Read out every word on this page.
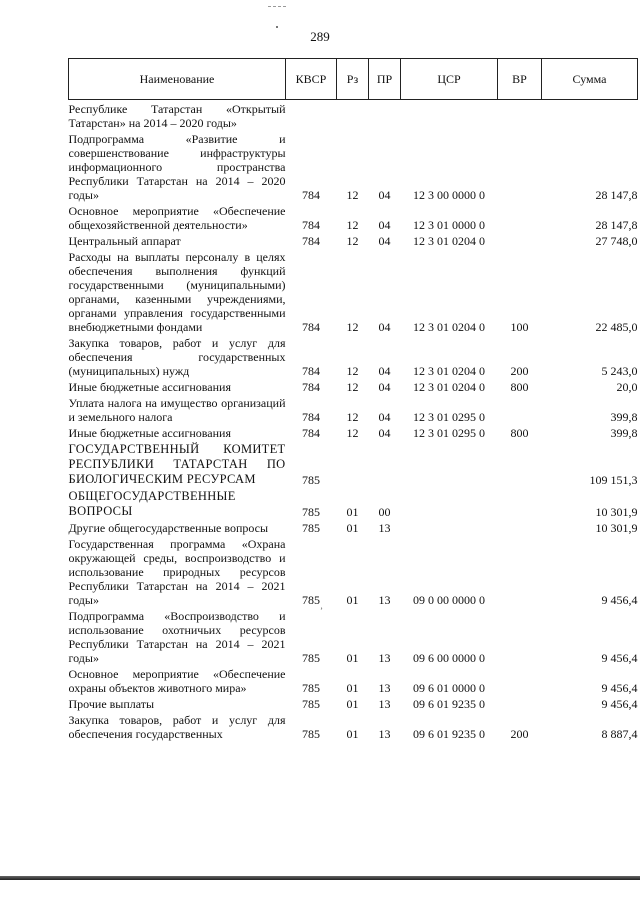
289
’
Наименование	КВСР	Рз	ПР	ЦСР	ВР	Сумма
Республике Татарстан «Открытый Татарстан» на 2014 – 2020 годы»						
Подпрограмма «Развитие и совершенствование инфраструктуры информационного пространства Республики Татарстан на 2014 – 2020 годы»	784	12	04	12 3 00 0000 0		28 147,8
Основное мероприятие «Обеспечение общехозяйственной деятельности»	784	12	04	12 3 01 0000 0		28 147,8
Центральный аппарат	784	12	04	12 3 01 0204 0		27 748,0
Расходы на выплаты персоналу в целях обеспечения выполнения функций государственными (муниципальными) органами, казенными учреждениями, органами управления государственными внебюджетными фондами	784	12	04	12 3 01 0204 0	100	22 485,0
Закупка товаров, работ и услуг для обеспечения государственных (муниципальных) нужд	784	12	04	12 3 01 0204 0	200	5 243,0
Иные бюджетные ассигнования	784	12	04	12 3 01 0204 0	800	20,0
Уплата налога на имущество организаций и земельного налога	784	12	04	12 3 01 0295 0		399,8
Иные бюджетные ассигнования	784	12	04	12 3 01 0295 0	800	399,8
ГОСУДАРСТВЕННЫЙ КОМИТЕТ РЕСПУБЛИКИ ТАТАРСТАН ПО БИОЛОГИЧЕСКИМ РЕСУРСАМ	785					109 151,3
ОБЩЕГОСУДАРСТВЕННЫЕ ВОПРОСЫ	785	01	00			10 301,9
Другие общегосударственные вопросы	785	01	13			10 301,9
Государственная программа «Охрана окружающей среды, воспроизводство и использование природных ресурсов Республики Татарстан на 2014 – 2021 годы»	785	01	13	09 0 00 0000 0		9 456,4
Подпрограмма «Воспроизводство и использование охотничьих ресурсов Республики Татарстан на 2014 – 2021 годы»	785	01	13	09 6 00 0000 0		9 456,4
Основное мероприятие «Обеспечение охраны объектов животного мира»	785	01	13	09 6 01 0000 0		9 456,4
Прочие выплаты	785	01	13	09 6 01 9235 0		9 456,4
Закупка товаров, работ и услуг для обеспечения государственных	785	01	13	09 6 01 9235 0	200	8 887,4
